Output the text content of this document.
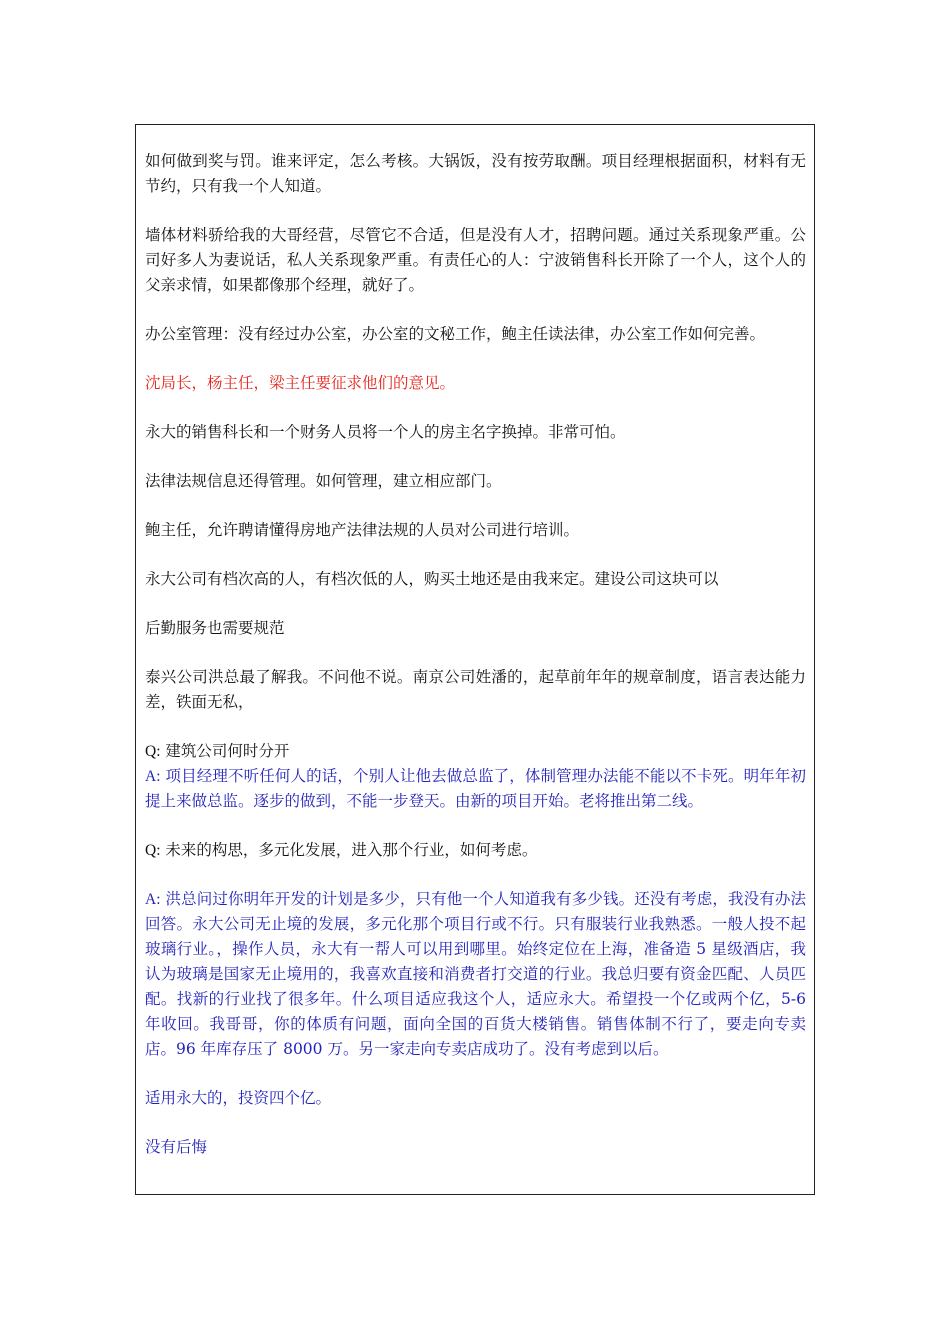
如何做到奖与罚。谁来评定，怎么考核。大锅饭，没有按劳取酬。项目经理根据面积，材料有无节约，只有我一个人知道。

墙体材料骄给我的大哥经营，尽管它不合适，但是没有人才，招聘问题。通过关系现象严重。公司好多人为妻说话，私人关系现象严重。有责任心的人：宁波销售科长开除了一个人，这个人的父亲求情，如果都像那个经理，就好了。

办公室管理：没有经过办公室，办公室的文秘工作，鲍主任读法律，办公室工作如何完善。

沈局长，杨主任，梁主任要征求他们的意见。

永大的销售科长和一个财务人员将一个人的房主名字换掉。非常可怕。

法律法规信息还得管理。如何管理，建立相应部门。

鲍主任，允许聘请懂得房地产法律法规的人员对公司进行培训。

永大公司有档次高的人，有档次低的人，购买土地还是由我来定。建设公司这块可以

后勤服务也需要规范

泰兴公司洪总最了解我。不问他不说。南京公司姓潘的，起草前年年的规章制度，语言表达能力差，铁面无私，

Q: 建筑公司何时分开

A: 项目经理不听任何人的话，个别人让他去做总监了，体制管理办法能不能以不卡死。明年年初提上来做总监。逐步的做到，不能一步登天。由新的项目开始。老将推出第二线。

Q: 未来的构思，多元化发展，进入那个行业，如何考虑。

A: 洪总问过你明年开发的计划是多少，只有他一个人知道我有多少钱。还没有考虑，我没有办法回答。永大公司无止境的发展，多元化那个项目行或不行。只有服装行业我熟悉。一般人投不起玻璃行业。，操作人员，永大有一帮人可以用到哪里。始终定位在上海，准备造 5 星级酒店，我认为玻璃是国家无止境用的，我喜欢直接和消费者打交道的行业。我总归要有资金匹配、人员匹配。找新的行业找了很多年。什么项目适应我这个人，适应永大。希望投一个亿或两个亿，5-6 年收回。我哥哥，你的体质有问题，面向全国的百货大楼销售。销售体制不行了，要走向专卖店。96 年库存压了 8000 万。另一家走向专卖店成功了。没有考虑到以后。

适用永大的，投资四个亿。

没有后悔
